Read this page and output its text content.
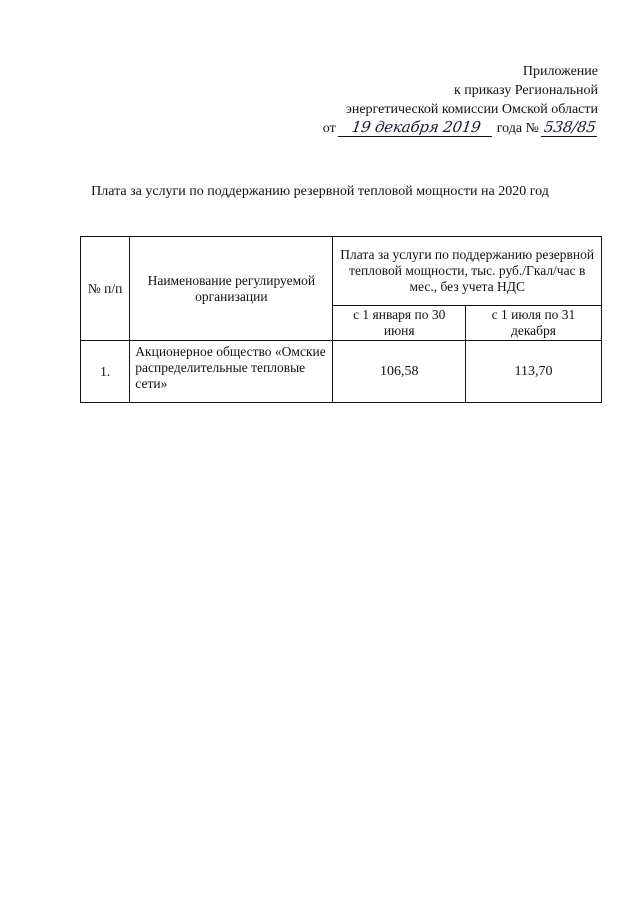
Приложение
к приказу Региональной
энергетической комиссии Омской области
от 19 декабря 2019 года № 538/85
Плата за услуги по поддержанию резервной тепловой мощности на 2020 год
№ п/п	Наименование регулируемой организации	Плата за услуги по поддержанию резервной тепловой мощности, тыс. руб./Гкал/час в мес., без учета НДС	
		с 1 января по 30 июня	с 1 июля по 31 декабря
1.	Акционерное общество «Омские распределительные тепловые сети»	106,58	113,70
